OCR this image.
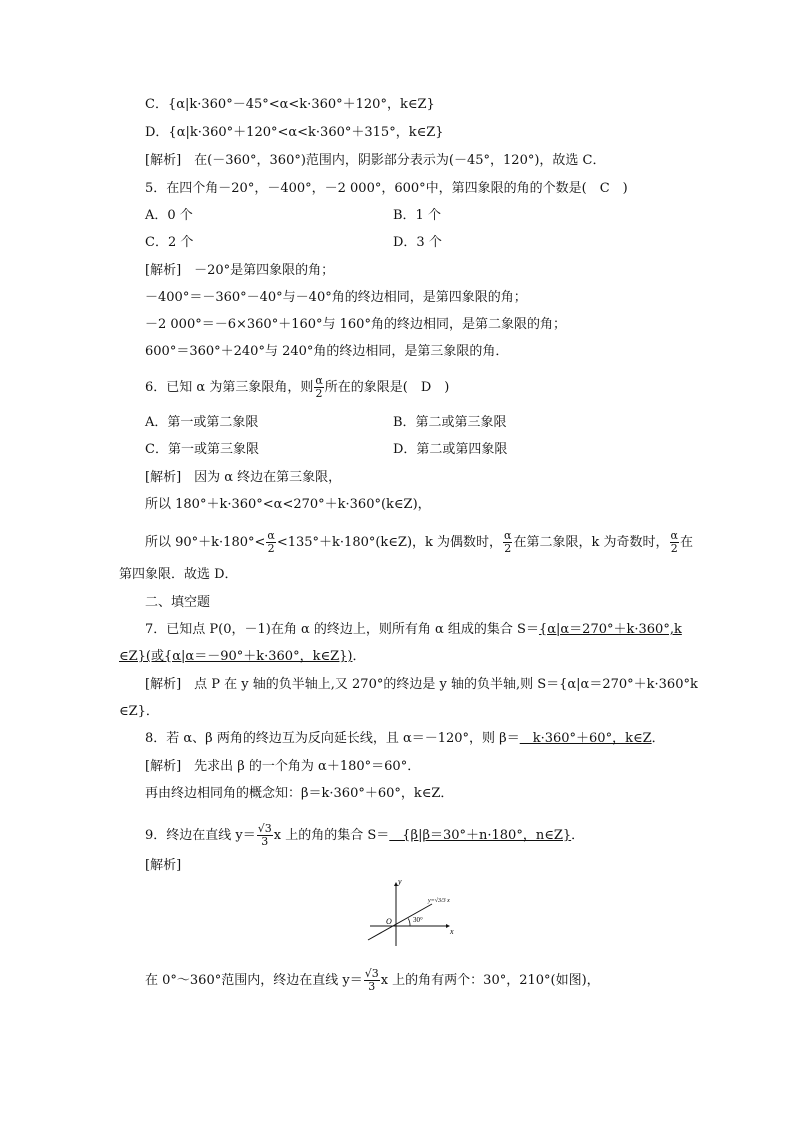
C．{α|k·360°－45°<α<k·360°＋120°，k∈Z}
D．{α|k·360°＋120°<α<k·360°＋315°，k∈Z}
[解析]　在(－360°，360°)范围内，阴影部分表示为(－45°，120°)，故选 C．
5．在四个角－20°，－400°，－2 000°，600°中，第四象限的角的个数是(　C　)
A．0 个	B．1 个
C．2 个	D．3 个
[解析]　－20°是第四象限的角；
－400°＝－360°－40°与－40°角的终边相同，是第四象限的角；
－2 000°＝－6×360°＋160°与 160°角的终边相同，是第二象限的角；
600°＝360°＋240°与 240°角的终边相同，是第三象限的角．
6．已知 α 为第三象限角，则 $\frac{\alpha}{2}$ 所在的象限是(　D　)
A．第一或第二象限	B．第二或第三象限
C．第一或第三象限	D．第二或第四象限
[解析]　因为 α 终边在第三象限，
所以 180°＋k·360°<α<270°＋k·360°(k∈Z)，
所以 $90^\circ+k\cdot 180^\circ< \frac{\alpha}{2}$ <135°＋k·180°(k∈Z)，k 为偶数时， $\frac{\alpha}{2}$ 在第二象限，k 为奇数时， $\frac{\alpha}{2}$ 在
第四象限．故选 D．
二、填空题
7．已知点 P(0，－1)在角 α 的终边上，则所有角 α 组成的集合 S＝{α|α＝270°＋k·360°,k
∈Z}(或{α|α＝－90°＋k·360°，k∈Z})．
[解析]　点 P 在 y 轴的负半轴上,又 270°的终边是 y 轴的负半轴,则 S＝{α|α＝270°＋k·360°k
∈Z}．
8．若 α、β 两角的终边互为反向延长线，且 α＝－120°，则 β＝　k·360°＋60°，k∈Z．
[解析]　先求出 β 的一个角为 α＋180°＝60°．
再由终边相同角的概念知：β＝k·360°＋60°，k∈Z．
9．终边在直线 $y= \frac{√3}{3}$ x 上的角的集合 S＝　{β|β＝30°＋n·180°，n∈Z}．
[解析]
y
x
O	30°
y=√3/3 x
在 0°～360°范围内，终边在直线 $y= \frac{√3}{3}$ x 上的角有两个：30°，210°(如图)，
